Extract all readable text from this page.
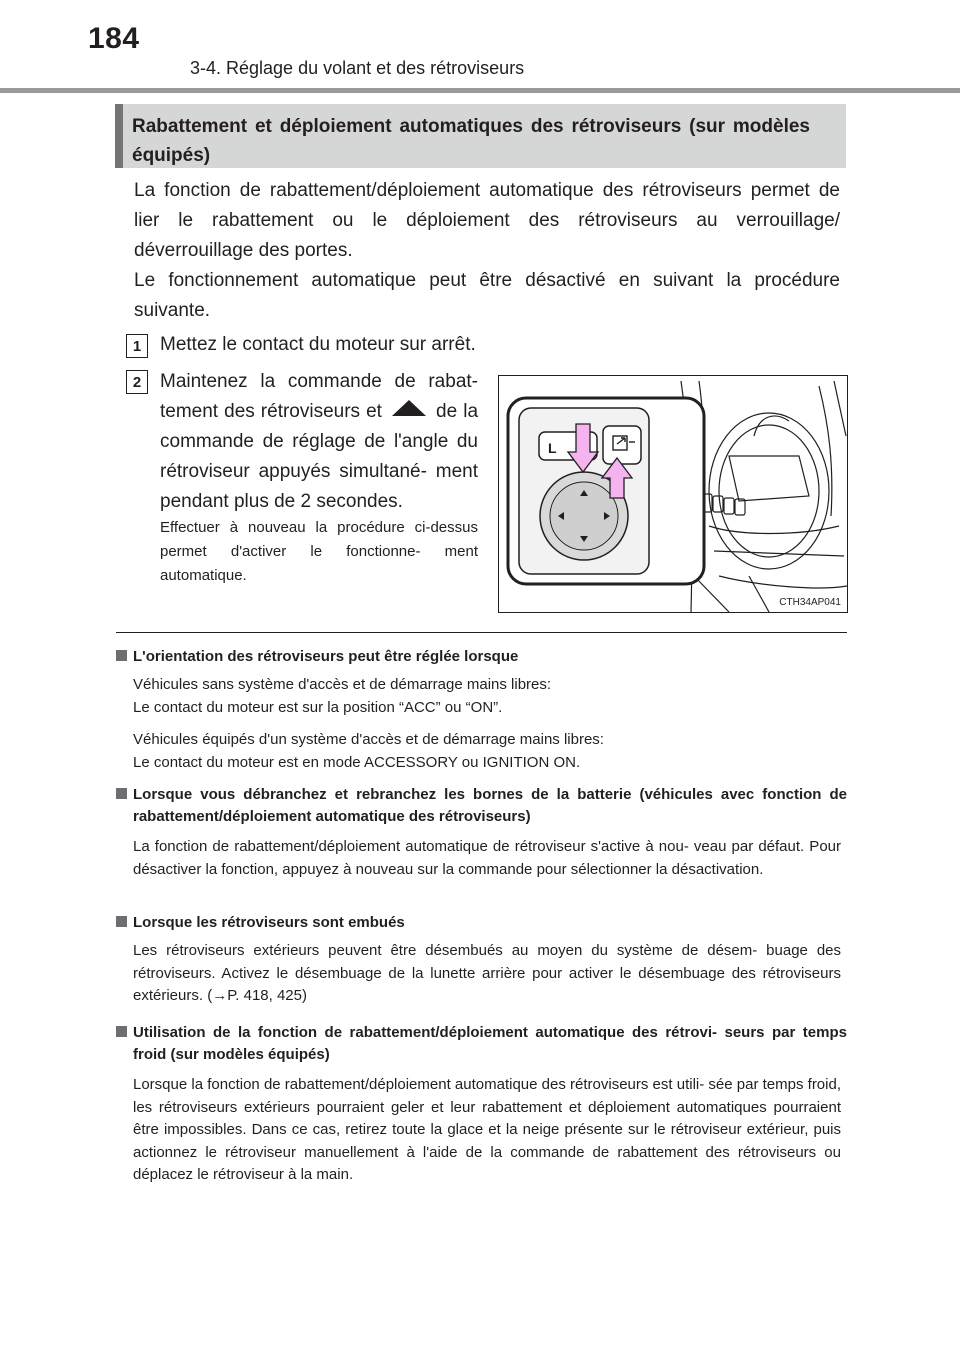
184
3-4. Réglage du volant et des rétroviseurs
Rabattement et déploiement automatiques des rétroviseurs (sur modèles équipés)
La fonction de rabattement/déploiement automatique des rétroviseurs permet de lier le rabattement ou le déploiement des rétroviseurs au verrouillage/ déverrouillage des portes.
Le fonctionnement automatique peut être désactivé en suivant la procédure suivante.
1 Mettez le contact du moteur sur arrêt.
2 Maintenez la commande de rabat- tement des rétroviseurs et	de la commande de réglage de l'angle du rétroviseur appuyés simultané- ment pendant plus de 2 secondes.
Effectuer à nouveau la procédure ci-dessus permet d'activer le fonctionne- ment automatique.
L
CTH34AP041
L'orientation des rétroviseurs peut être réglée lorsque
Véhicules sans système d'accès et de démarrage mains libres:
Le contact du moteur est sur la position “ACC” ou “ON”.
Véhicules équipés d'un système d'accès et de démarrage mains libres:
Le contact du moteur est en mode ACCESSORY ou IGNITION ON.
Lorsque vous débranchez et rebranchez les bornes de la batterie (véhicules avec fonction de rabattement/déploiement automatique des rétroviseurs)
La fonction de rabattement/déploiement automatique de rétroviseur s'active à nou- veau par défaut. Pour désactiver la fonction, appuyez à nouveau sur la commande pour sélectionner la désactivation.
Lorsque les rétroviseurs sont embués
Les rétroviseurs extérieurs peuvent être désembués au moyen du système de désem- buage des rétroviseurs. Activez le désembuage de la lunette arrière pour activer le désembuage des rétroviseurs extérieurs. (→P. 418, 425)
Utilisation de la fonction de rabattement/déploiement automatique des rétrovi- seurs par temps froid (sur modèles équipés)
Lorsque la fonction de rabattement/déploiement automatique des rétroviseurs est utili- sée par temps froid, les rétroviseurs extérieurs pourraient geler et leur rabattement et déploiement automatiques pourraient être impossibles. Dans ce cas, retirez toute la glace et la neige présente sur le rétroviseur extérieur, puis actionnez le rétroviseur manuellement à l'aide de la commande de rabattement des rétroviseurs ou déplacez le rétroviseur à la main.
